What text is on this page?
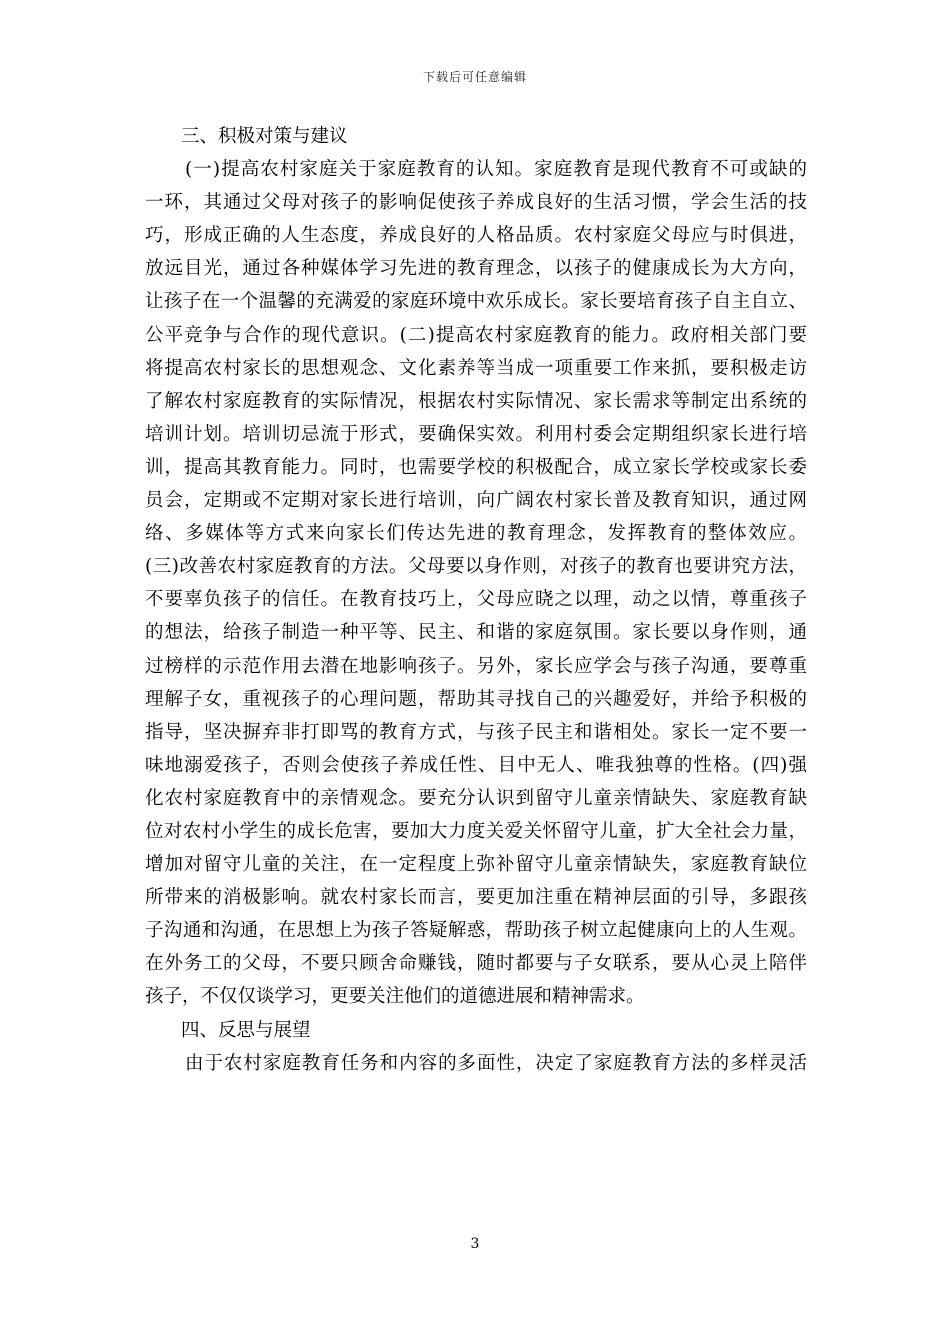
下载后可任意编辑
三、积极对策与建议
(一)提高农村家庭关于家庭教育的认知。家庭教育是现代教育不可或缺的
一环，其通过父母对孩子的影响促使孩子养成良好的生活习惯，学会生活的技
巧，形成正确的人生态度，养成良好的人格品质。农村家庭父母应与时俱进，
放远目光，通过各种媒体学习先进的教育理念，以孩子的健康成长为大方向，
让孩子在一个温馨的充满爱的家庭环境中欢乐成长。家长要培育孩子自主自立、
公平竞争与合作的现代意识。(二)提高农村家庭教育的能力。政府相关部门要
将提高农村家长的思想观念、文化素养等当成一项重要工作来抓，要积极走访
了解农村家庭教育的实际情况，根据农村实际情况、家长需求等制定出系统的
培训计划。培训切忌流于形式，要确保实效。利用村委会定期组织家长进行培
训，提高其教育能力。同时，也需要学校的积极配合，成立家长学校或家长委
员会，定期或不定期对家长进行培训，向广阔农村家长普及教育知识，通过网
络、多媒体等方式来向家长们传达先进的教育理念，发挥教育的整体效应。
(三)改善农村家庭教育的方法。父母要以身作则，对孩子的教育也要讲究方法，
不要辜负孩子的信任。在教育技巧上，父母应晓之以理，动之以情，尊重孩子
的想法，给孩子制造一种平等、民主、和谐的家庭氛围。家长要以身作则，通
过榜样的示范作用去潜在地影响孩子。另外，家长应学会与孩子沟通，要尊重
理解子女，重视孩子的心理问题，帮助其寻找自己的兴趣爱好，并给予积极的
指导，坚决摒弃非打即骂的教育方式，与孩子民主和谐相处。家长一定不要一
味地溺爱孩子，否则会使孩子养成任性、目中无人、唯我独尊的性格。(四)强
化农村家庭教育中的亲情观念。要充分认识到留守儿童亲情缺失、家庭教育缺
位对农村小学生的成长危害，要加大力度关爱关怀留守儿童，扩大全社会力量，
增加对留守儿童的关注，在一定程度上弥补留守儿童亲情缺失，家庭教育缺位
所带来的消极影响。就农村家长而言，要更加注重在精神层面的引导，多跟孩
子沟通和沟通，在思想上为孩子答疑解惑，帮助孩子树立起健康向上的人生观。
在外务工的父母，不要只顾舍命赚钱，随时都要与子女联系，要从心灵上陪伴
孩子，不仅仅谈学习，更要关注他们的道德进展和精神需求。
四、反思与展望
由于农村家庭教育任务和内容的多面性，决定了家庭教育方法的多样灵活
3
